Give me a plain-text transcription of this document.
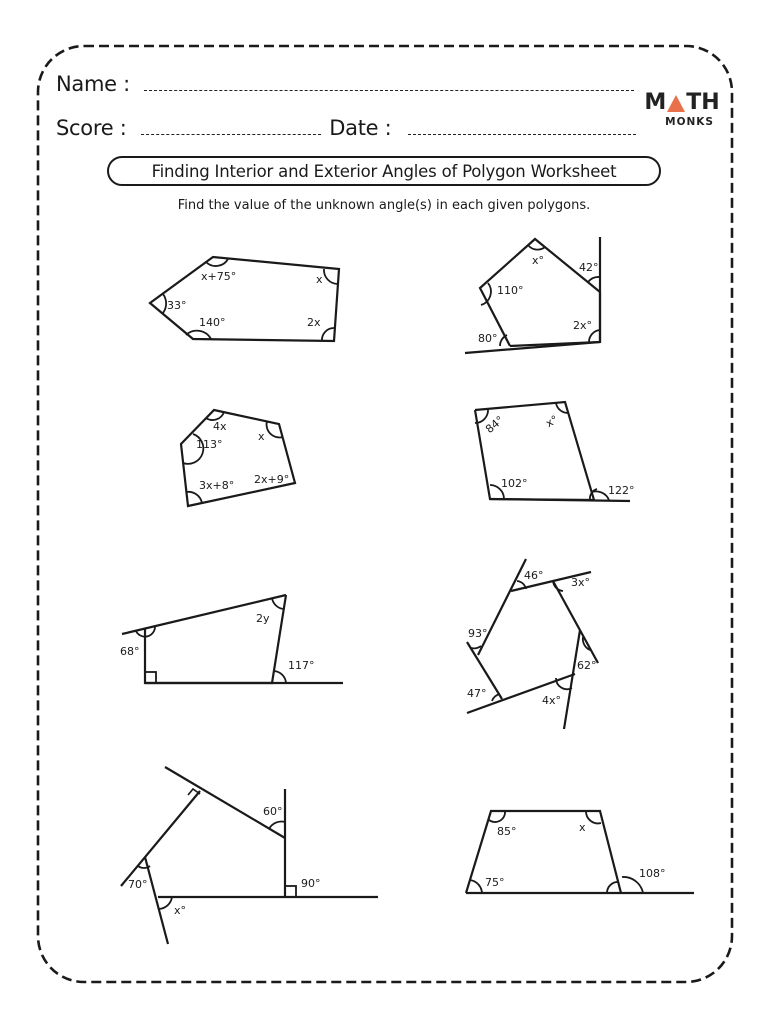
Name :
Score :	Date :
M TH
MONKS
Finding Interior and Exterior Angles of Polygon Worksheet
Find the value of the unknown angle(s) in each given polygons.
x+75°	x
33°
140°	2x
x°
42°
110°
80°
2x°
4x
x
113°
3x+8° 2x+9°
84°	x°
102°
122°
2y
68°
117°
46°
3x°
93°
62°
47°
4x°
60°
70°	90°
x°
85°	x
75°
108°
